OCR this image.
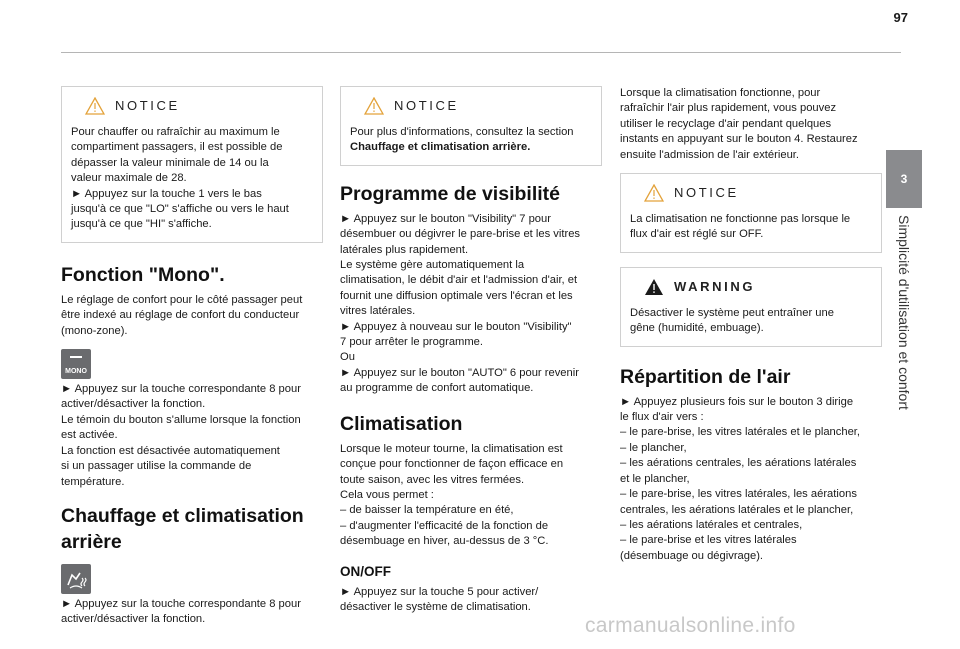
97
3
Simplicité d'utilisation et confort
NOTICE

Pour chauffer ou rafraîchir au maximum le

compartiment passagers, il est possible de

dépasser la valeur minimale de 14 ou la

valeur maximale de 28.

► Appuyez sur la touche 1 vers le bas

jusqu'à ce que "LO" s'affiche ou vers le haut

jusqu'à ce que "HI" s'affiche.

Fonction "Mono".

Le réglage de confort pour le côté passager peut

être indexé au réglage de confort du conducteur

(mono-zone).

MONO

► Appuyez sur la touche correspondante 8 pour

activer/désactiver la fonction.

Le témoin du bouton s'allume lorsque la fonction

est activée.

La fonction est désactivée automatiquement

si un passager utilise la commande de

température.

Chauffage et climatisation
arrière

► Appuyez sur la touche correspondante 8 pour

activer/désactiver la fonction.

NOTICE

Pour plus d'informations, consultez la section

Chauffage et climatisation arrière.

Programme de visibilité

► Appuyez sur le bouton "Visibility" 7 pour

désembuer ou dégivrer le pare-brise et les vitres

latérales plus rapidement.

Le système gère automatiquement la

climatisation, le débit d'air et l'admission d'air, et

fournit une diffusion optimale vers l'écran et les

vitres latérales.

► Appuyez à nouveau sur le bouton "Visibility"

7 pour arrêter le programme.

Ou

► Appuyez sur le bouton "AUTO" 6 pour revenir

au programme de confort automatique.

Climatisation

Lorsque le moteur tourne, la climatisation est

conçue pour fonctionner de façon efficace en

toute saison, avec les vitres fermées.

Cela vous permet :

– de baisser la température en été,

– d'augmenter l'efficacité de la fonction de

désembuage en hiver, au-dessus de 3 °C.

ON/OFF

► Appuyez sur la touche 5 pour activer/

désactiver le système de climatisation.

Lorsque la climatisation fonctionne, pour

rafraîchir l'air plus rapidement, vous pouvez

utiliser le recyclage d'air pendant quelques

instants en appuyant sur le bouton 4. Restaurez

ensuite l'admission de l'air extérieur.

NOTICE

La climatisation ne fonctionne pas lorsque le

flux d'air est réglé sur OFF.

WARNING

Désactiver le système peut entraîner une

gêne (humidité, embuage).

Répartition de l'air

► Appuyez plusieurs fois sur le bouton 3 dirige

le flux d'air vers :

– le pare-brise, les vitres latérales et le plancher,

– le plancher,

– les aérations centrales, les aérations latérales

et le plancher,

– le pare-brise, les vitres latérales, les aérations

centrales, les aérations latérales et le plancher,

– les aérations latérales et centrales,

– le pare-brise et les vitres latérales

(désembuage ou dégivrage).

carmanualsonline.info
